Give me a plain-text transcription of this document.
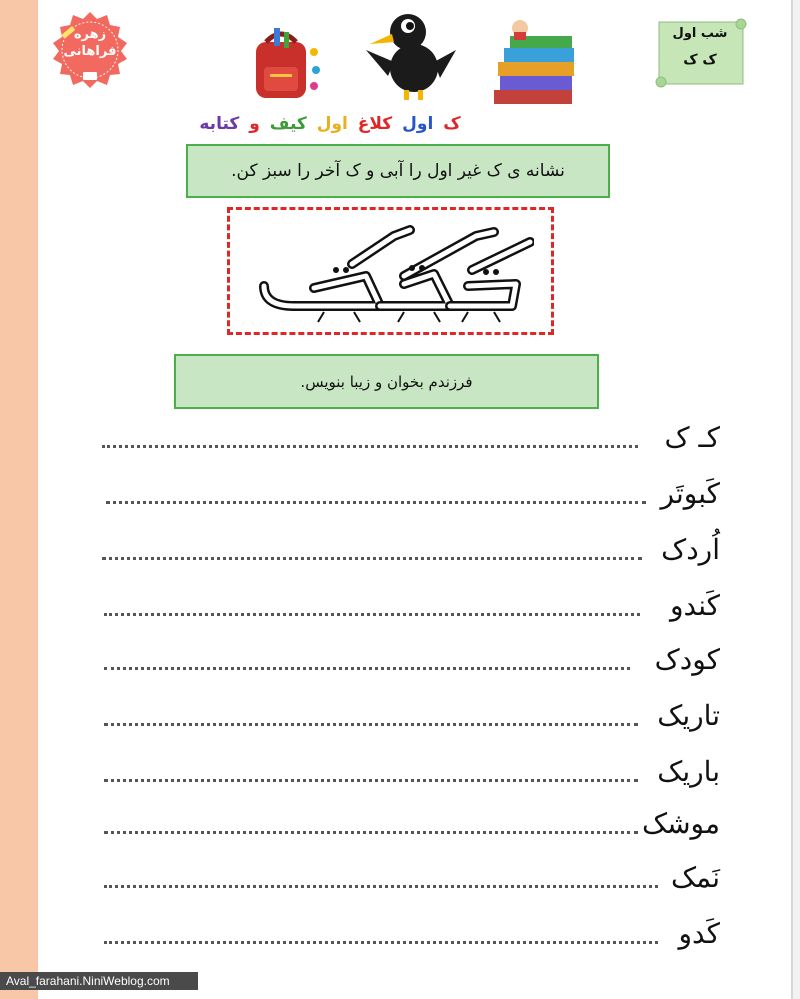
زهره فراهانی
شب اول
ک ک
ک اول کلاغ اول کیف و کتابه
نشانه ی ک غیر اول را آبی و ک آخر را سبز کن.
فرزندم بخوان و زیبا بنویس.
کـ ک
کَبوتَر
اُردک
کَندو
کودک
تاریک
باریک
موشک
نَمک
کَدو
Aval_farahani.NiniWeblog.com
